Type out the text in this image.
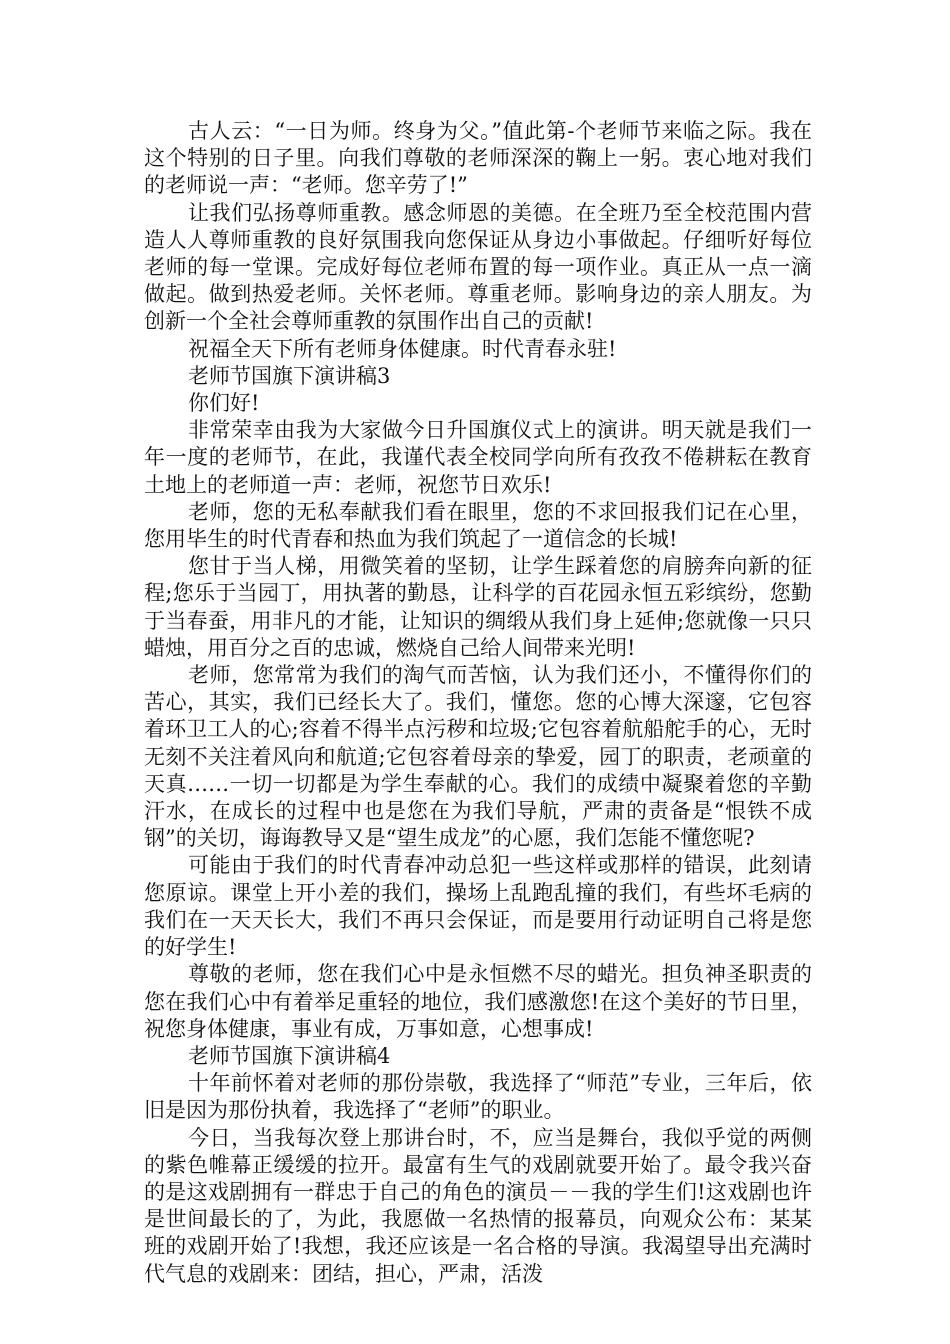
古人云：“一日为师。终身为父。”值此第-个老师节来临之际。我在这个特别的日子里。向我们尊敬的老师深深的鞠上一躬。衷心地对我们的老师说一声：“老师。您辛劳了!”

让我们弘扬尊师重教。感念师恩的美德。在全班乃至全校范围内营造人人尊师重教的良好氛围我向您保证从身边小事做起。仔细听好每位老师的每一堂课。完成好每位老师布置的每一项作业。真正从一点一滴做起。做到热爱老师。关怀老师。尊重老师。影响身边的亲人朋友。为创新一个全社会尊师重教的氛围作出自己的贡献!

祝福全天下所有老师身体健康。时代青春永驻!

老师节国旗下演讲稿3

你们好!

非常荣幸由我为大家做今日升国旗仪式上的演讲。明天就是我们一年一度的老师节，在此，我谨代表全校同学向所有孜孜不倦耕耘在教育土地上的老师道一声：老师，祝您节日欢乐!

老师，您的无私奉献我们看在眼里，您的不求回报我们记在心里，您用毕生的时代青春和热血为我们筑起了一道信念的长城!

您甘于当人梯，用微笑着的坚韧，让学生踩着您的肩膀奔向新的征程;您乐于当园丁，用执著的勤恳，让科学的百花园永恒五彩缤纷，您勤于当春蚕，用非凡的才能，让知识的绸缎从我们身上延伸;您就像一只只蜡烛，用百分之百的忠诚，燃烧自己给人间带来光明!

老师，您常常为我们的淘气而苦恼，认为我们还小，不懂得你们的苦心，其实，我们已经长大了。我们，懂您。您的心博大深邃，它包容着环卫工人的心;容着不得半点污秽和垃圾;它包容着航船舵手的心，无时无刻不关注着风向和航道;它包容着母亲的挚爱，园丁的职责，老顽童的天真……一切一切都是为学生奉献的心。我们的成绩中凝聚着您的辛勤汗水，在成长的过程中也是您在为我们导航，严肃的责备是“恨铁不成钢”的关切，诲诲教导又是“望生成龙”的心愿，我们怎能不懂您呢?

可能由于我们的时代青春冲动总犯一些这样或那样的错误，此刻请您原谅。课堂上开小差的我们，操场上乱跑乱撞的我们，有些坏毛病的我们在一天天长大，我们不再只会保证，而是要用行动证明自己将是您的好学生!

尊敬的老师，您在我们心中是永恒燃不尽的蜡光。担负神圣职责的您在我们心中有着举足重轻的地位，我们感激您!在这个美好的节日里，祝您身体健康，事业有成，万事如意，心想事成!

老师节国旗下演讲稿4

十年前怀着对老师的那份崇敬，我选择了“师范”专业，三年后，依旧是因为那份执着，我选择了“老师”的职业。

今日，当我每次登上那讲台时，不，应当是舞台，我似乎觉的两侧的紫色帷幕正缓缓的拉开。最富有生气的戏剧就要开始了。最令我兴奋的是这戏剧拥有一群忠于自己的角色的演员－－我的学生们!这戏剧也许是世间最长的了，为此，我愿做一名热情的报幕员，向观众公布：某某班的戏剧开始了!我想，我还应该是一名合格的导演。我渴望导出充满时代气息的戏剧来：团结，担心，严肃，活泼
